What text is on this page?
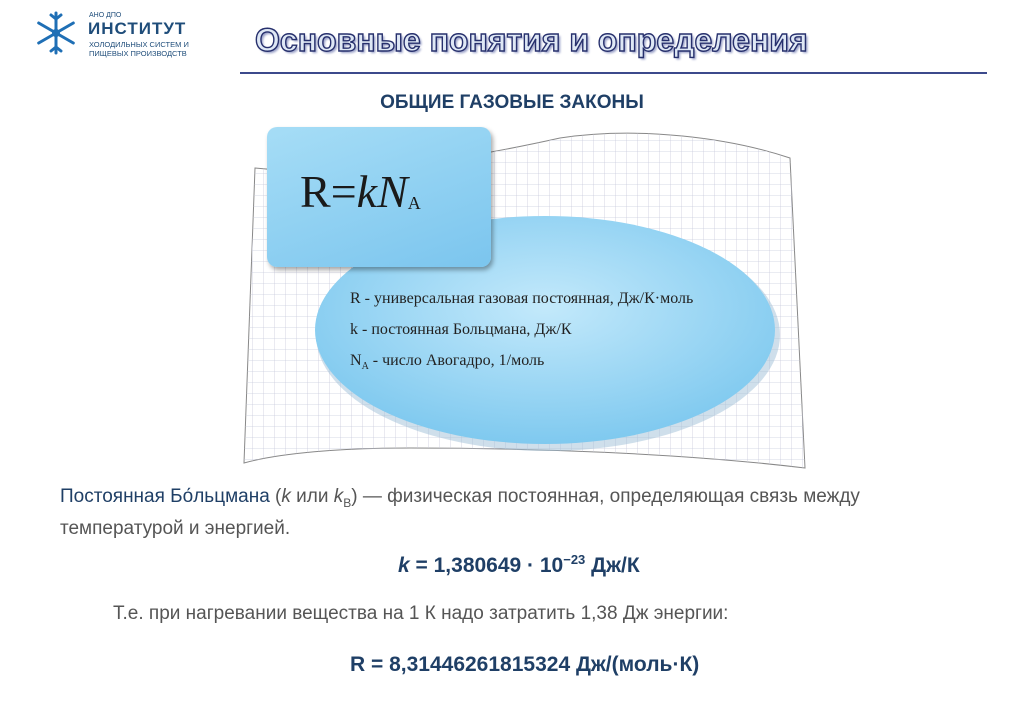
АНО ДПО
ИНСТИТУТ
ХОЛОДИЛЬНЫХ СИСТЕМ И
ПИЩЕВЫХ ПРОИЗВОДСТВ Основные понятия и определения
ОБЩИЕ ГАЗОВЫЕ ЗАКОНЫ
$R=kN_A$
R - универсальная газовая постоянная, Дж/К·моль
k - постоянная Больцмана, Дж/К
$N_A$ - число Авогадро, 1/моль
Постоянная Бо́льцмана (k или $k_B$) — физическая постоянная, определяющая связь между температурой и энергией.
$k = 1,380649 \cdot 10^{-23}$ Дж/К
Т.е. при нагревании вещества на 1 К надо затратить 1,38 Дж энергии:
R = 8,31446261815324 Дж/(моль·К)
